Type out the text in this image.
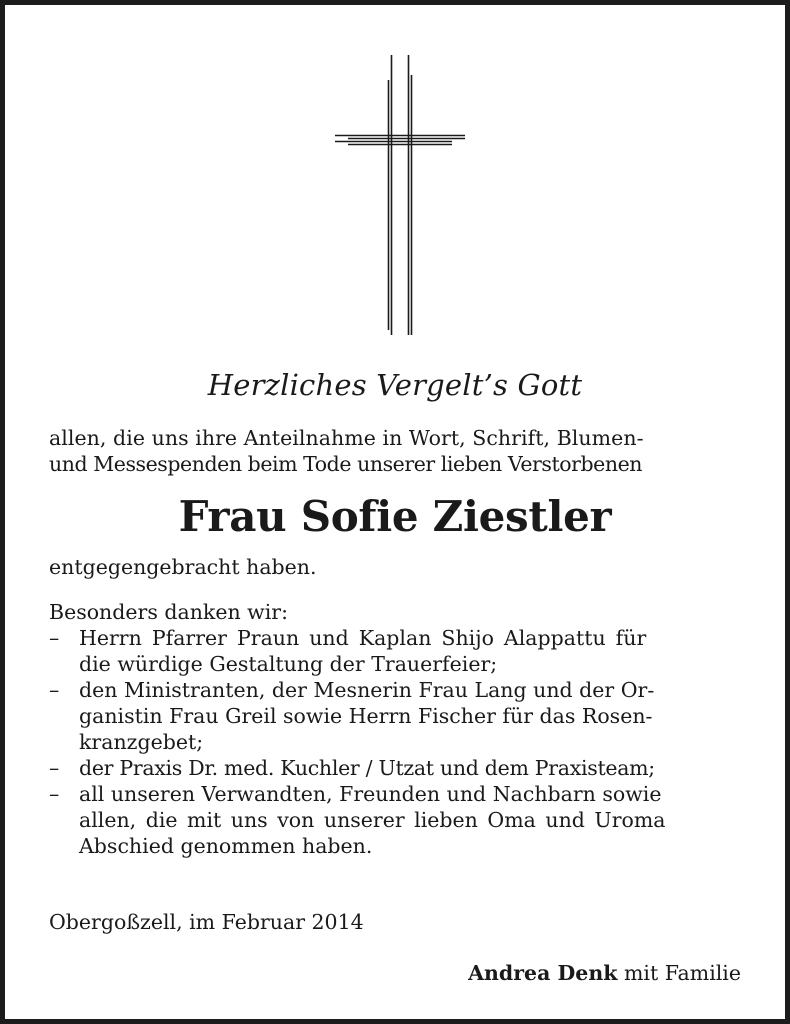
Herzliches Vergelt’s Gott

allen, die uns ihre Anteilnahme in Wort, Schrift, Blumen-
und Messespenden beim Tode unserer lieben Verstorbenen

Frau Sofie Ziestler

entgegengebracht haben.

Besonders danken wir:

– Herrn Pfarrer Praun und Kaplan Shijo Alappattu für
die würdige Gestaltung der Trauerfeier;
– den Ministranten, der Mesnerin Frau Lang und der Or-
ganistin Frau Greil sowie Herrn Fischer für das Rosen-
kranzgebet;
– der Praxis Dr. med. Kuchler / Utzat und dem Praxisteam;
– all unseren Verwandten, Freunden und Nachbarn sowie
allen, die mit uns von unserer lieben Oma und Uroma
Abschied genommen haben.

Obergoßzell, im Februar 2014

Andrea Denk mit Familie
